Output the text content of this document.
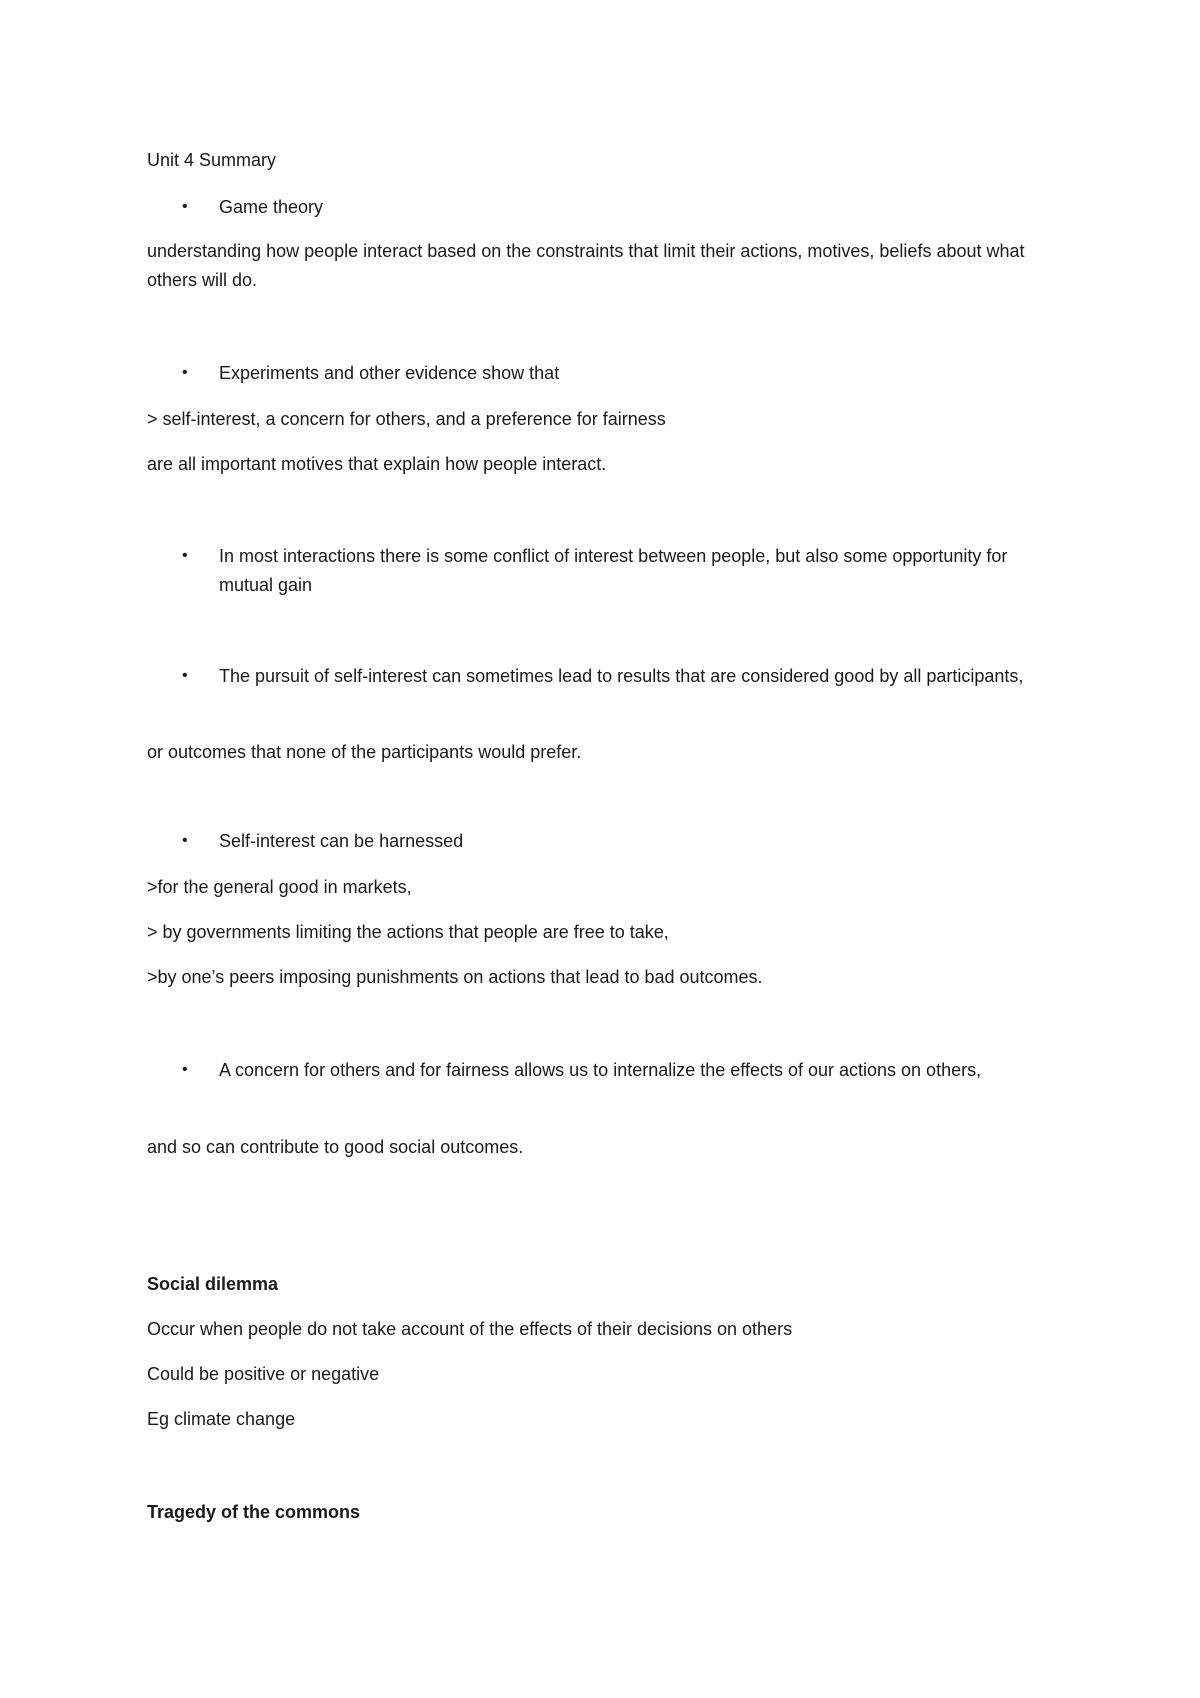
Unit 4 Summary
• Game theory
understanding how people interact based on the constraints that limit their actions, motives, beliefs about what others will do.
• Experiments and other evidence show that
> self-interest, a concern for others, and a preference for fairness
are all important motives that explain how people interact.
• In most interactions there is some conflict of interest between people, but also some opportunity for mutual gain
• The pursuit of self-interest can sometimes lead to results that are considered good by all participants,
or outcomes that none of the participants would prefer.
• Self-interest can be harnessed
>for the general good in markets,
> by governments limiting the actions that people are free to take,
>by one’s peers imposing punishments on actions that lead to bad outcomes.
• A concern for others and for fairness allows us to internalize the effects of our actions on others,
and so can contribute to good social outcomes.
Social dilemma
Occur when people do not take account of the effects of their decisions on others
Could be positive or negative
Eg climate change
Tragedy of the commons
